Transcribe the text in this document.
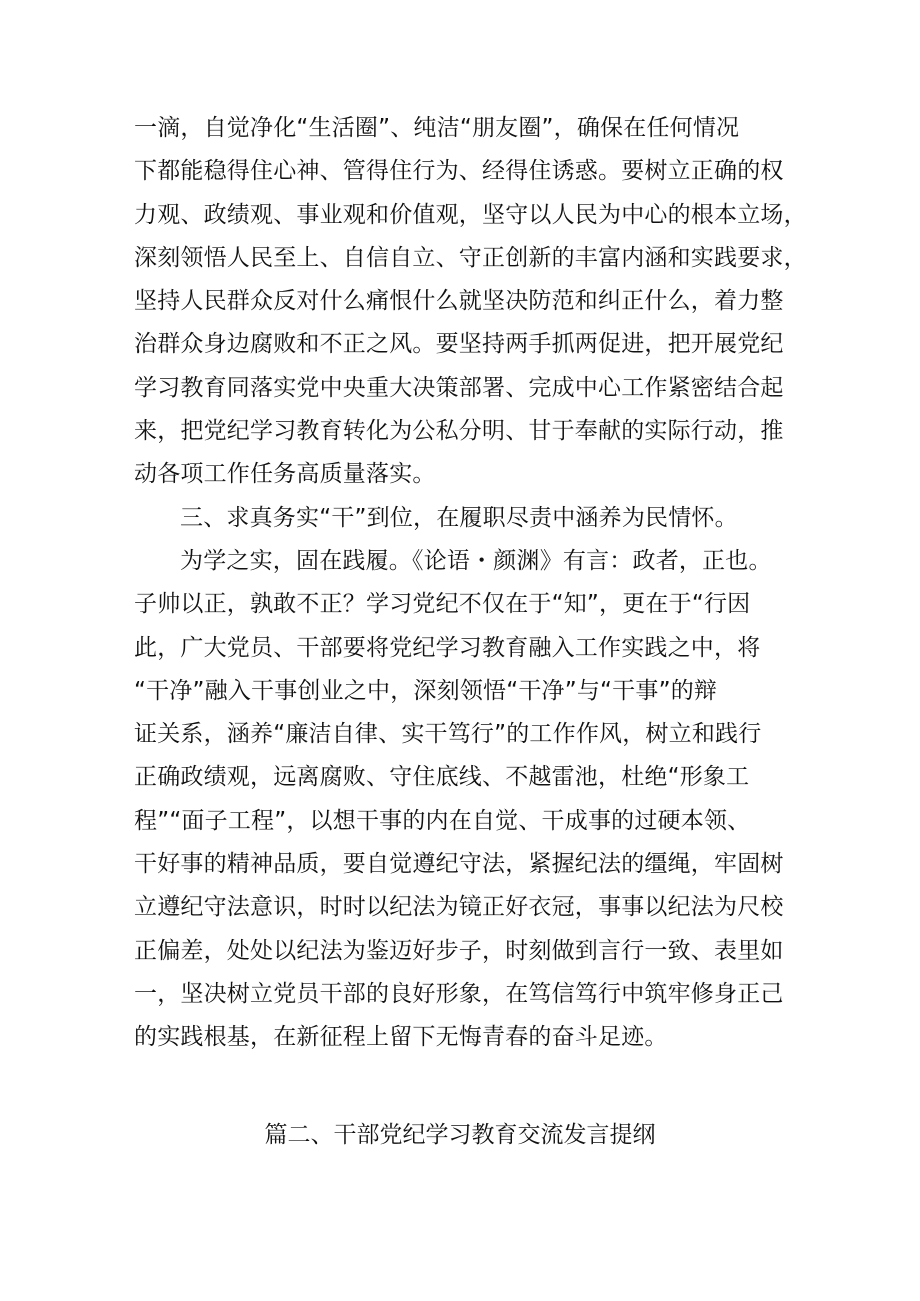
一滴，自觉净化“生活圈”、纯洁“朋友圈”，确保在任何情况
下都能稳得住心神、管得住行为、经得住诱惑。要树立正确的权
力观、政绩观、事业观和价值观，坚守以人民为中心的根本立场，
深刻领悟人民至上、自信自立、守正创新的丰富内涵和实践要求，
坚持人民群众反对什么痛恨什么就坚决防范和纠正什么，着力整
治群众身边腐败和不正之风。要坚持两手抓两促进，把开展党纪
学习教育同落实党中央重大决策部署、完成中心工作紧密结合起
来，把党纪学习教育转化为公私分明、甘于奉献的实际行动，推
动各项工作任务高质量落实。
三、求真务实“干”到位，在履职尽责中涵养为民情怀。
为学之实，固在践履。《论语・颜渊》有言：政者，正也。
子帅以正，孰敢不正？学习党纪不仅在于“知”，更在于“行因
此，广大党员、干部要将党纪学习教育融入工作实践之中，将
“干净”融入干事创业之中，深刻领悟“干净”与“干事”的辩
证关系，涵养“廉洁自律、实干笃行”的工作作风，树立和践行
正确政绩观，远离腐败、守住底线、不越雷池，杜绝“形象工
程”“面子工程”，以想干事的内在自觉、干成事的过硬本领、
干好事的精神品质，要自觉遵纪守法，紧握纪法的缰绳，牢固树
立遵纪守法意识，时时以纪法为镜正好衣冠，事事以纪法为尺校
正偏差，处处以纪法为鉴迈好步子，时刻做到言行一致、表里如
一，坚决树立党员干部的良好形象，在笃信笃行中筑牢修身正己
的实践根基，在新征程上留下无悔青春的奋斗足迹。
篇二、干部党纪学习教育交流发言提纲
